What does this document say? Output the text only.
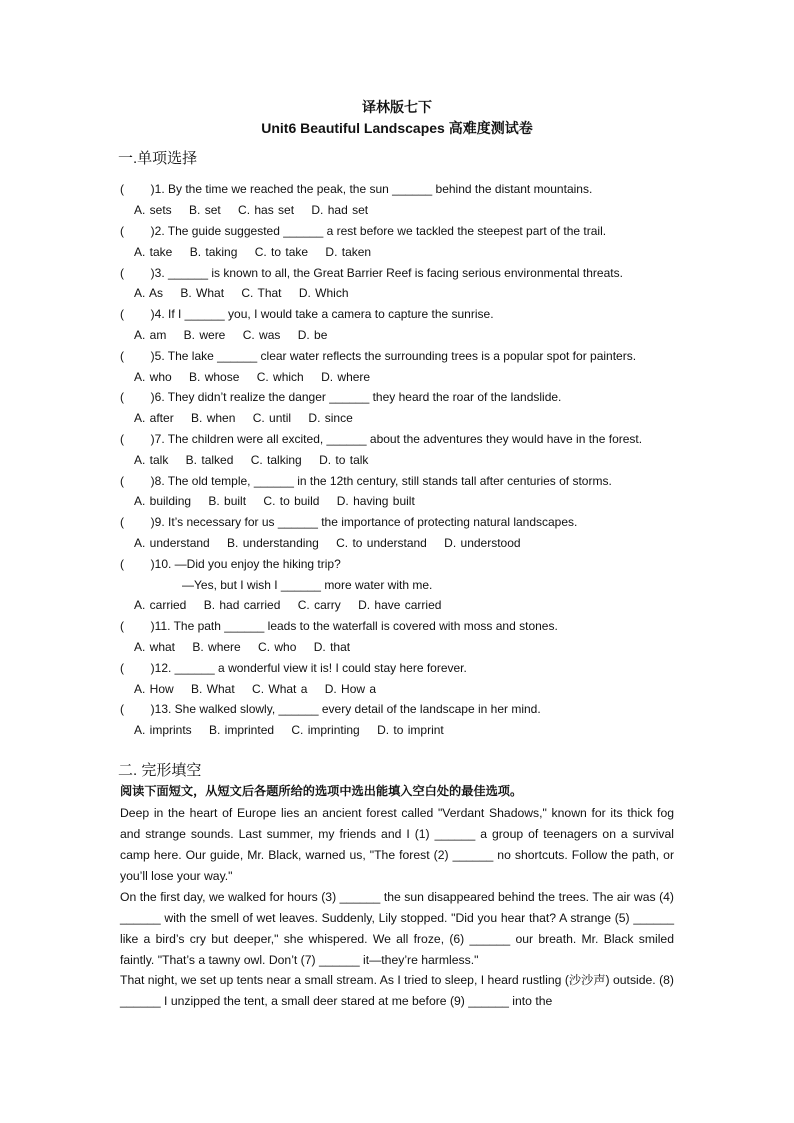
译林版七下
Unit6 Beautiful Landscapes 高难度测试卷
一.单项选择
(        )1. By the time we reached the peak, the sun ______ behind the distant mountains.
A. sets    B. set    C. has set    D. had set
(        )2. The guide suggested ______ a rest before we tackled the steepest part of the trail.
A. take    B. taking    C. to take    D. taken
(        )3. ______ is known to all, the Great Barrier Reef is facing serious environmental threats.
A. As    B. What    C. That    D. Which
(        )4. If I ______ you, I would take a camera to capture the sunrise.
A. am    B. were    C. was    D. be
(        )5. The lake ______ clear water reflects the surrounding trees is a popular spot for painters.
A. who    B. whose    C. which    D. where
(        )6. They didn’t realize the danger ______ they heard the roar of the landslide.
A. after    B. when    C. until    D. since
(        )7. The children were all excited, ______ about the adventures they would have in the forest.
A. talk    B. talked    C. talking    D. to talk
(        )8. The old temple, ______ in the 12th century, still stands tall after centuries of storms.
A. building    B. built    C. to build    D. having built
(        )9. It’s necessary for us ______ the importance of protecting natural landscapes.
A. understand    B. understanding    C. to understand    D. understood
(        )10. —Did you enjoy the hiking trip?
—Yes, but I wish I ______ more water with me.
A. carried    B. had carried    C. carry    D. have carried
(        )11. The path ______ leads to the waterfall is covered with moss and stones.
A. what    B. where    C. who    D. that
(        )12. ______ a wonderful view it is! I could stay here forever.
A. How    B. What    C. What a    D. How a
(        )13. She walked slowly, ______ every detail of the landscape in her mind.
A. imprints    B. imprinted    C. imprinting    D. to imprint
二. 完形填空
阅读下面短文，从短文后各题所给的选项中选出能填入空白处的最佳选项。
Deep in the heart of Europe lies an ancient forest called "Verdant Shadows," known for its thick fog and strange sounds. Last summer, my friends and I (1) ______ a group of teenagers on a survival camp here. Our guide, Mr. Black, warned us, "The forest (2) ______ no shortcuts. Follow the path, or you’ll lose your way."
On the first day, we walked for hours (3) ______ the sun disappeared behind the trees. The air was (4) ______ with the smell of wet leaves. Suddenly, Lily stopped. "Did you hear that? A strange (5) ______ like a bird’s cry but deeper," she whispered. We all froze, (6) ______ our breath. Mr. Black smiled faintly. "That’s a tawny owl. Don’t (7) ______ it—they’re harmless."
That night, we set up tents near a small stream. As I tried to sleep, I heard rustling (沙沙声) outside. (8) ______ I unzipped the tent, a small deer stared at me before (9) ______ into the
